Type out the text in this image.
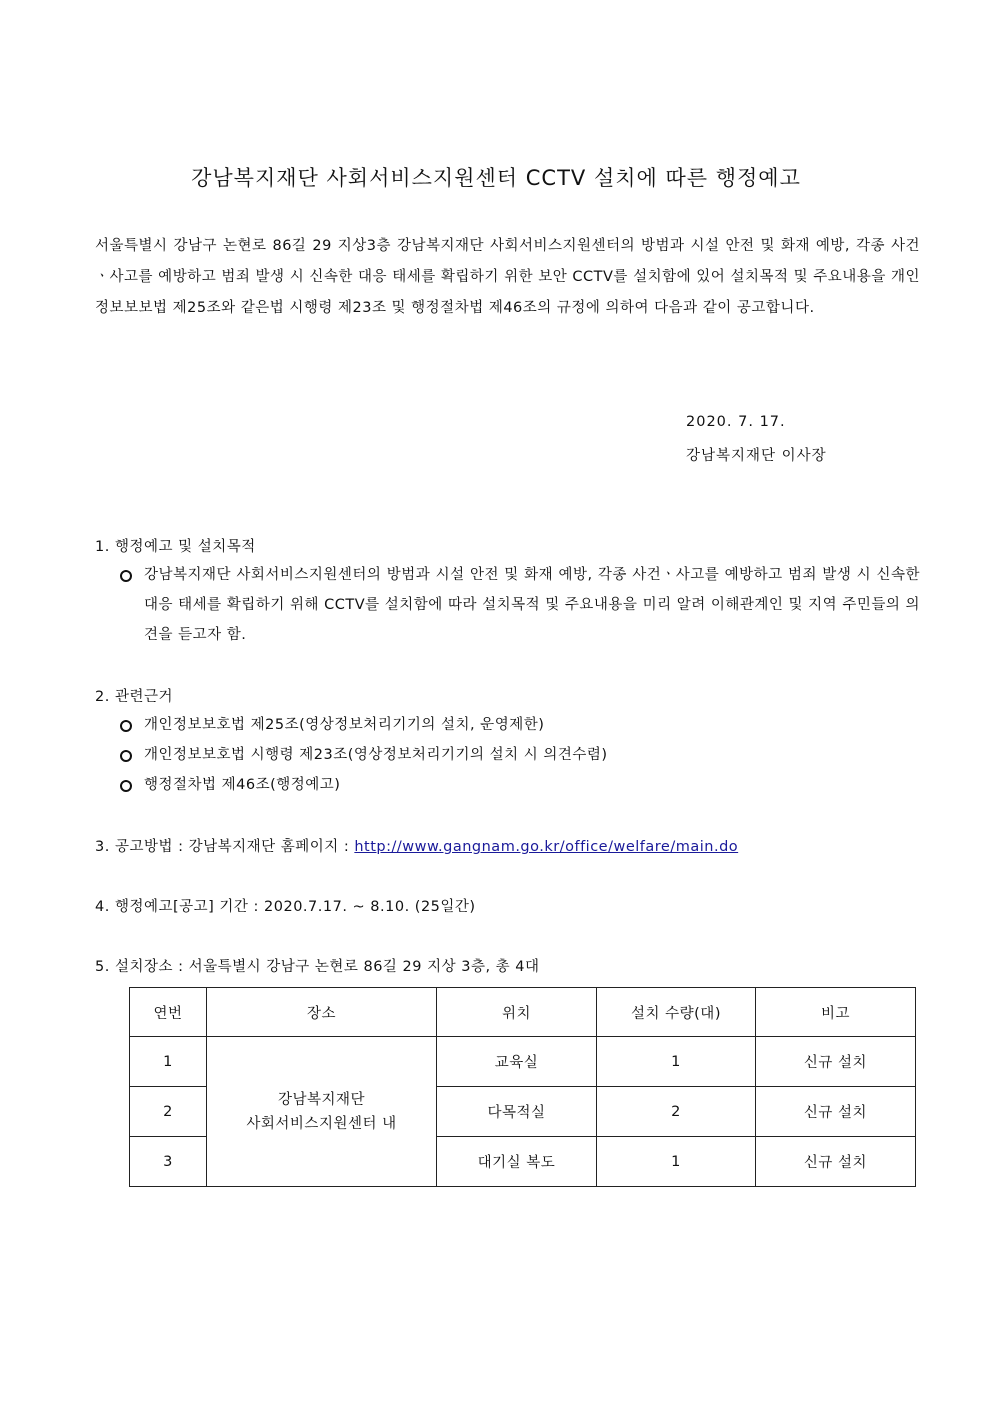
강남복지재단 사회서비스지원센터 CCTV 설치에 따른 행정예고
서울특별시 강남구 논현로 86길 29 지상3층 강남복지재단 사회서비스지원센터의 방범과 시설 안전 및 화재 예방, 각종 사건ㆍ사고를 예방하고 범죄 발생 시 신속한 대응 태세를 확립하기 위한 보안 CCTV를 설치함에 있어 설치목적 및 주요내용을 개인정보보보법 제25조와 같은법 시행령 제23조 및 행정절차법 제46조의 규정에 의하여 다음과 같이 공고합니다.
2020. 7. 17.
강남복지재단 이사장
1. 행정예고 및 설치목적
강남복지재단 사회서비스지원센터의 방범과 시설 안전 및 화재 예방, 각종 사건ㆍ사고를 예방하고 범죄 발생 시 신속한 대응 태세를 확립하기 위해 CCTV를 설치함에 따라 설치목적 및 주요내용을 미리 알려 이해관계인 및 지역 주민들의 의견을 듣고자 함.
2. 관련근거
개인정보보호법 제25조(영상정보처리기기의 설치, 운영제한)
개인정보보호법 시행령 제23조(영상정보처리기기의 설치 시 의견수렴)
행정절차법 제46조(행정예고)
3. 공고방법 : 강남복지재단 홈페이지 : http://www.gangnam.go.kr/office/welfare/main.do
4. 행정예고[공고] 기간 : 2020.7.17. ~ 8.10. (25일간)
5. 설치장소 : 서울특별시 강남구 논현로 86길 29 지상 3층, 총 4대
연번	장소	위치	설치 수량(대)	비고
1	강남복지재단
사회서비스지원센터 내	교육실	1	신규 설치
2		다목적실	2	신규 설치
3		대기실 복도	1	신규 설치
